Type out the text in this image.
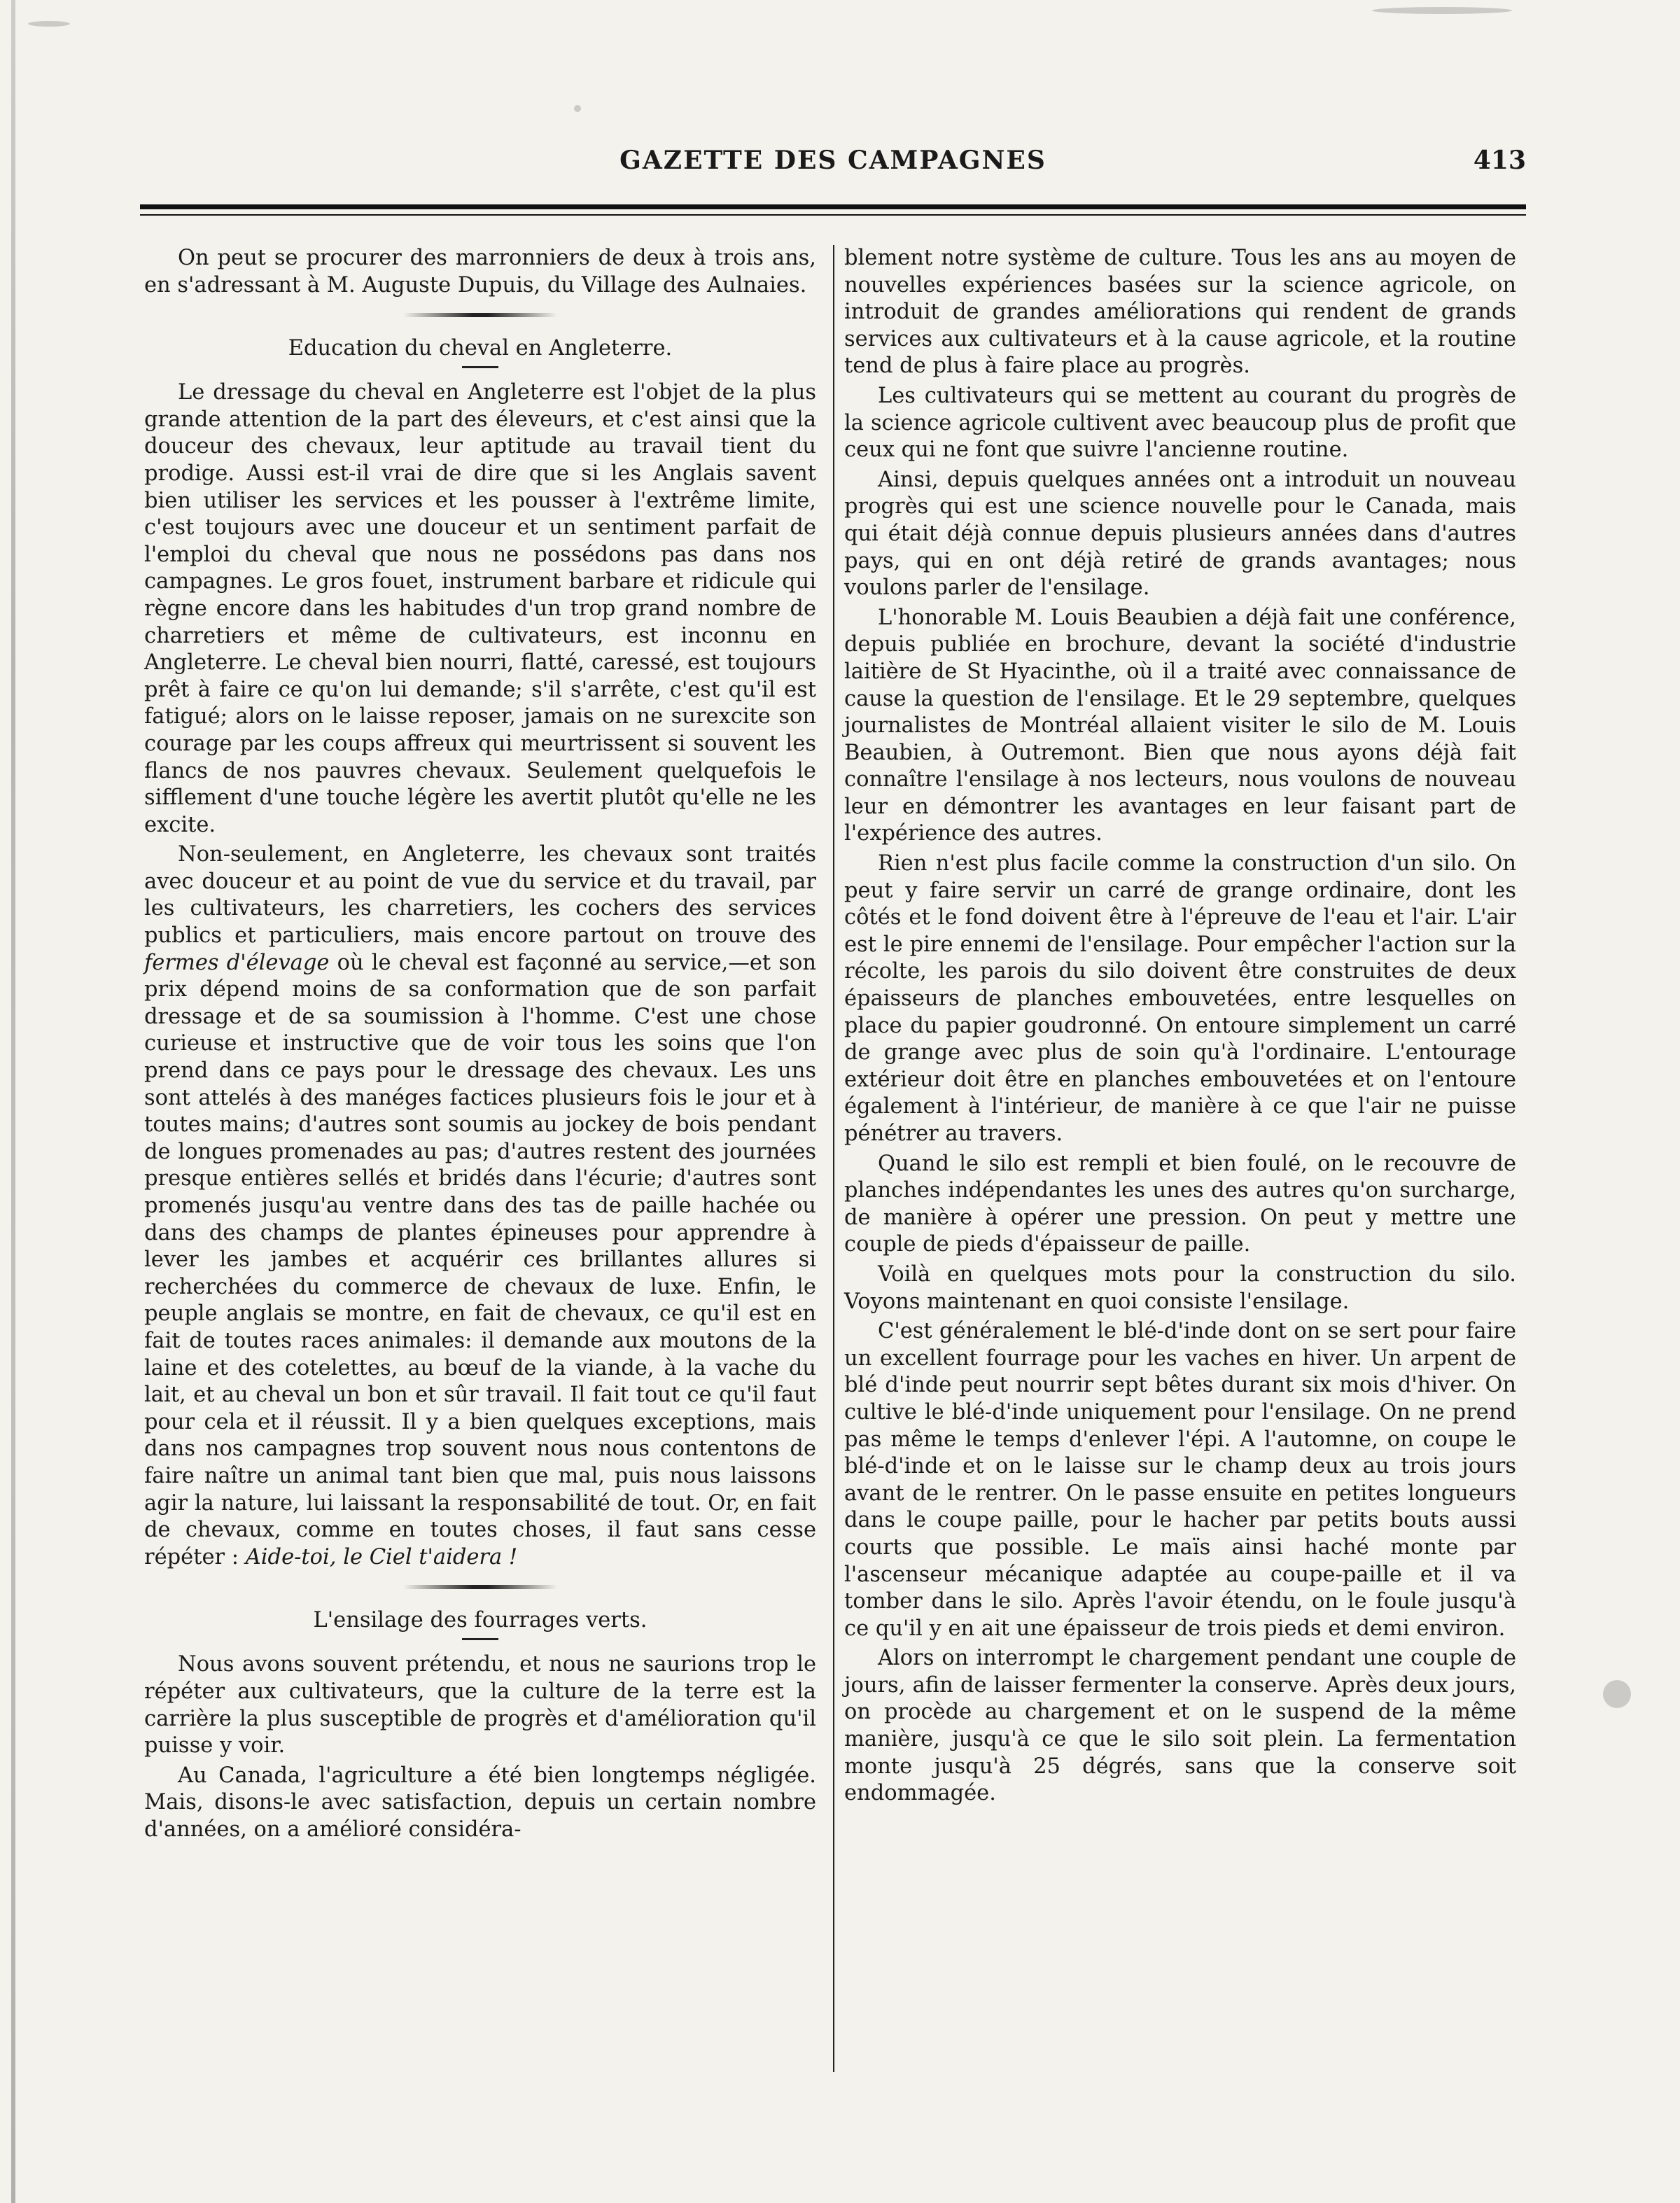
GAZETTE DES CAMPAGNES	413

On peut se procurer des marronniers de deux à trois ans, en s'adressant à M. Auguste Dupuis, du Village des Aulnaies.

Education du cheval en Angleterre.

Le dressage du cheval en Angleterre est l'objet de la plus grande attention de la part des éleveurs, et c'est ainsi que la douceur des chevaux, leur aptitude au travail tient du prodige. Aussi est-il vrai de dire que si les Anglais savent bien utiliser les services et les pousser à l'extrême limite, c'est toujours avec une douceur et un sentiment parfait de l'emploi du cheval que nous ne possédons pas dans nos campagnes. Le gros fouet, instrument barbare et ridicule qui règne encore dans les habitudes d'un trop grand nombre de charretiers et même de cultivateurs, est inconnu en Angleterre. Le cheval bien nourri, flatté, caressé, est toujours prêt à faire ce qu'on lui demande; s'il s'arrête, c'est qu'il est fatigué; alors on le laisse reposer, jamais on ne surexcite son courage par les coups affreux qui meurtrissent si souvent les flancs de nos pauvres chevaux. Seulement quelquefois le sifflement d'une touche légère les avertit plutôt qu'elle ne les excite.

Non-seulement, en Angleterre, les chevaux sont traités avec douceur et au point de vue du service et du travail, par les cultivateurs, les charretiers, les cochers des services publics et particuliers, mais encore partout on trouve des fermes d'élevage où le cheval est façonné au service,—et son prix dépend moins de sa conformation que de son parfait dressage et de sa soumission à l'homme. C'est une chose curieuse et instructive que de voir tous les soins que l'on prend dans ce pays pour le dressage des chevaux. Les uns sont attelés à des manéges factices plusieurs fois le jour et à toutes mains; d'autres sont soumis au jockey de bois pendant de longues promenades au pas; d'autres restent des journées presque entières sellés et bridés dans l'écurie; d'autres sont promenés jusqu'au ventre dans des tas de paille hachée ou dans des champs de plantes épineuses pour apprendre à lever les jambes et acquérir ces brillantes allures si recherchées du commerce de chevaux de luxe. Enfin, le peuple anglais se montre, en fait de chevaux, ce qu'il est en fait de toutes races animales: il demande aux moutons de la laine et des cotelettes, au bœuf de la viande, à la vache du lait, et au cheval un bon et sûr travail. Il fait tout ce qu'il faut pour cela et il réussit. Il y a bien quelques exceptions, mais dans nos campagnes trop souvent nous nous contentons de faire naître un animal tant bien que mal, puis nous laissons agir la nature, lui laissant la responsabilité de tout. Or, en fait de chevaux, comme en toutes choses, il faut sans cesse répéter : Aide-toi, le Ciel t'aidera !

L'ensilage des fourrages verts.

Nous avons souvent prétendu, et nous ne saurions trop le répéter aux cultivateurs, que la culture de la terre est la carrière la plus susceptible de progrès et d'amélioration qu'il puisse y voir.

Au Canada, l'agriculture a été bien longtemps négligée. Mais, disons-le avec satisfaction, depuis un certain nombre d'années, on a amélioré considéra-

blement notre système de culture. Tous les ans au moyen de nouvelles expériences basées sur la science agricole, on introduit de grandes améliorations qui rendent de grands services aux cultivateurs et à la cause agricole, et la routine tend de plus à faire place au progrès.

Les cultivateurs qui se mettent au courant du progrès de la science agricole cultivent avec beaucoup plus de profit que ceux qui ne font que suivre l'ancienne routine.

Ainsi, depuis quelques années ont a introduit un nouveau progrès qui est une science nouvelle pour le Canada, mais qui était déjà connue depuis plusieurs années dans d'autres pays, qui en ont déjà retiré de grands avantages; nous voulons parler de l'ensilage.

L'honorable M. Louis Beaubien a déjà fait une conférence, depuis publiée en brochure, devant la société d'industrie laitière de St Hyacinthe, où il a traité avec connaissance de cause la question de l'ensilage. Et le 29 septembre, quelques journalistes de Montréal allaient visiter le silo de M. Louis Beaubien, à Outremont. Bien que nous ayons déjà fait connaître l'ensilage à nos lecteurs, nous voulons de nouveau leur en démontrer les avantages en leur faisant part de l'expérience des autres.

Rien n'est plus facile comme la construction d'un silo. On peut y faire servir un carré de grange ordinaire, dont les côtés et le fond doivent être à l'épreuve de l'eau et l'air. L'air est le pire ennemi de l'ensilage. Pour empêcher l'action sur la récolte, les parois du silo doivent être construites de deux épaisseurs de planches embouvetées, entre lesquelles on place du papier goudronné. On entoure simplement un carré de grange avec plus de soin qu'à l'ordinaire. L'entourage extérieur doit être en planches embouvetées et on l'entoure également à l'intérieur, de manière à ce que l'air ne puisse pénétrer au travers.

Quand le silo est rempli et bien foulé, on le recouvre de planches indépendantes les unes des autres qu'on surcharge, de manière à opérer une pression. On peut y mettre une couple de pieds d'épaisseur de paille.

Voilà en quelques mots pour la construction du silo. Voyons maintenant en quoi consiste l'ensilage.

C'est généralement le blé-d'inde dont on se sert pour faire un excellent fourrage pour les vaches en hiver. Un arpent de blé d'inde peut nourrir sept bêtes durant six mois d'hiver. On cultive le blé-d'inde uniquement pour l'ensilage. On ne prend pas même le temps d'enlever l'épi. A l'automne, on coupe le blé-d'inde et on le laisse sur le champ deux au trois jours avant de le rentrer. On le passe ensuite en petites longueurs dans le coupe paille, pour le hacher par petits bouts aussi courts que possible. Le maïs ainsi haché monte par l'ascenseur mécanique adaptée au coupe-paille et il va tomber dans le silo. Après l'avoir étendu, on le foule jusqu'à ce qu'il y en ait une épaisseur de trois pieds et demi environ.

Alors on interrompt le chargement pendant une couple de jours, afin de laisser fermenter la conserve. Après deux jours, on procède au chargement et on le suspend de la même manière, jusqu'à ce que le silo soit plein. La fermentation monte jusqu'à 25 dégrés, sans que la conserve soit endommagée.
